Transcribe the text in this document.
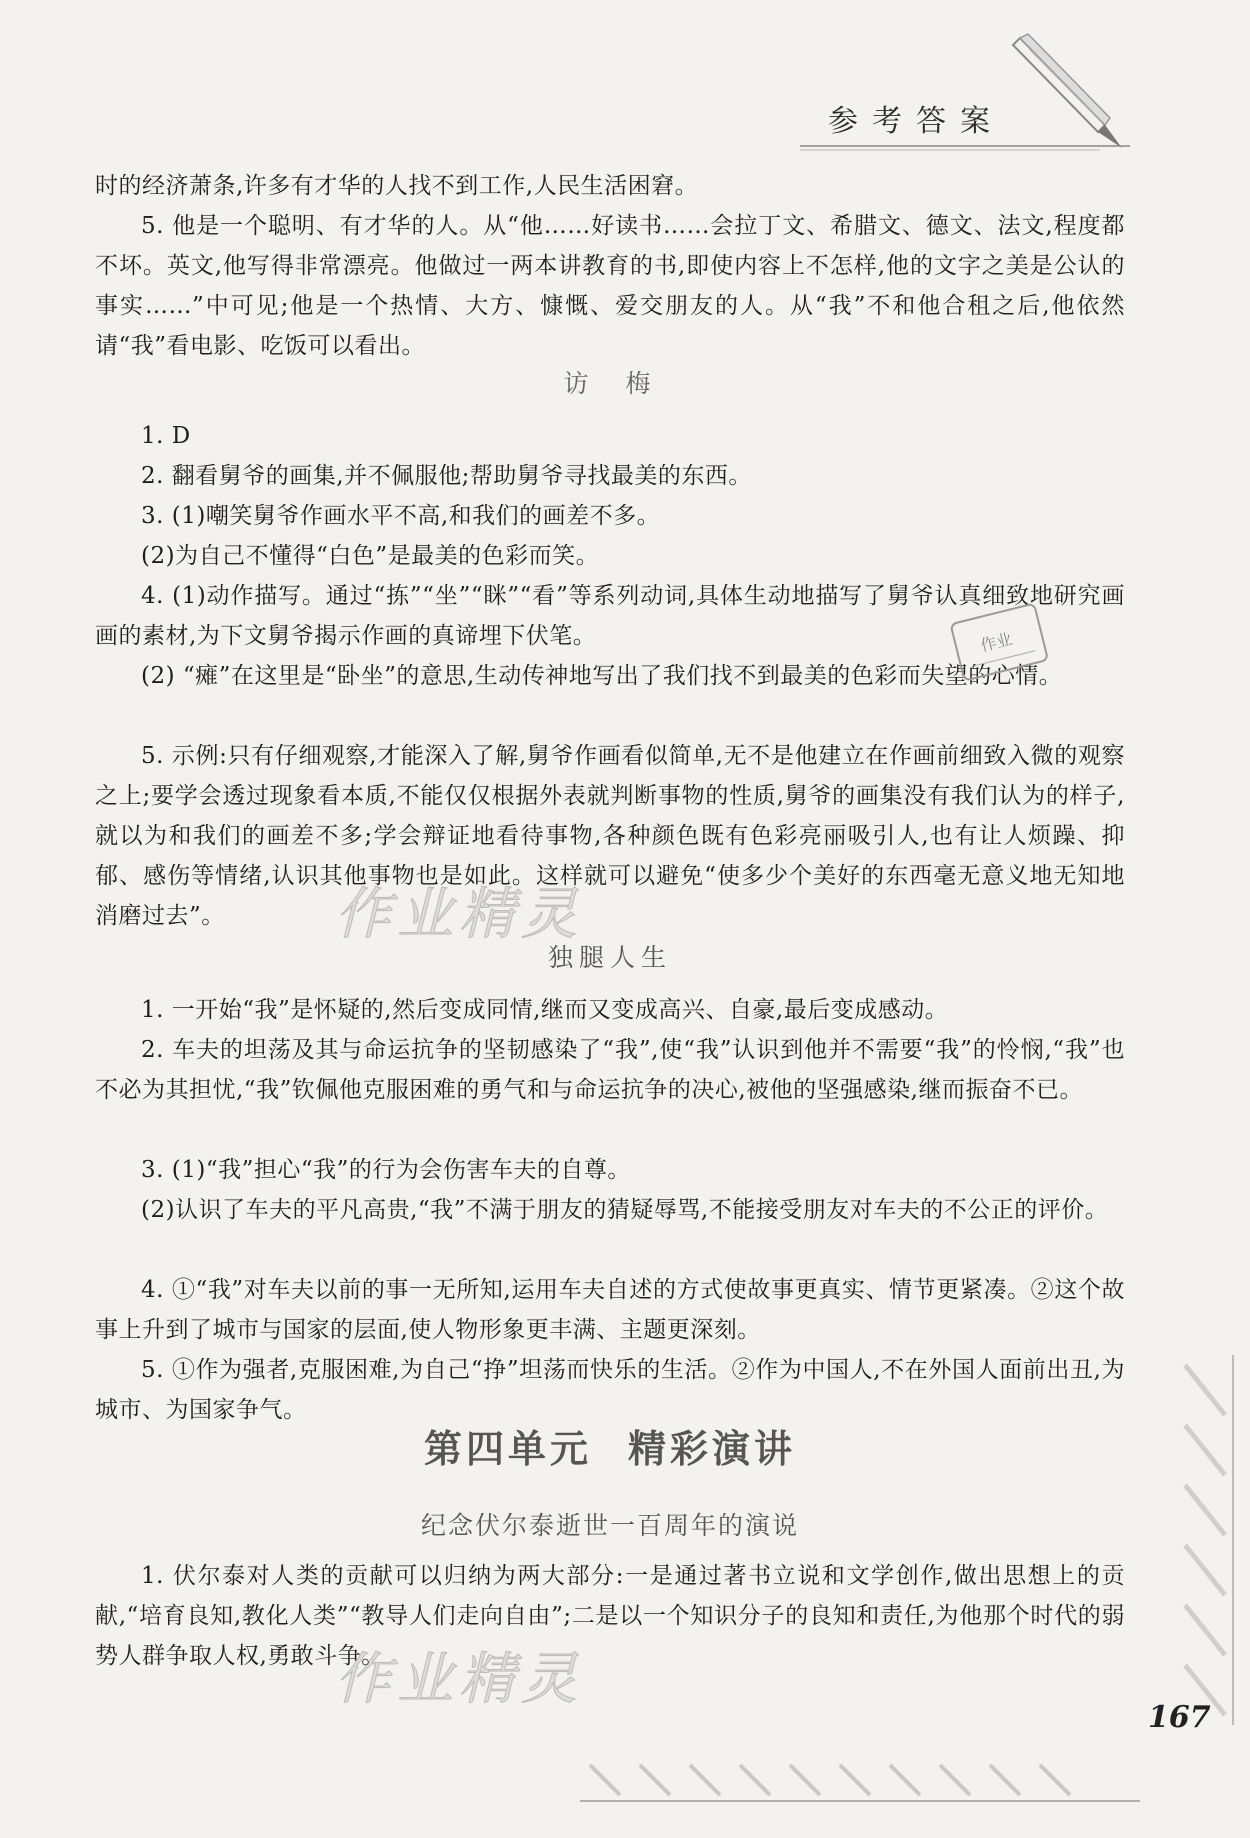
参考答案

时的经济萧条,许多有才华的人找不到工作,人民生活困窘。

5. 他是一个聪明、有才华的人。从“他……好读书……会拉丁文、希腊文、德文、法文,程度都不坏。英文,他写得非常漂亮。他做过一两本讲教育的书,即使内容上不怎样,他的文字之美是公认的事实……”中可见;他是一个热情、大方、慷慨、爱交朋友的人。从“我”不和他合租之后,他依然请“我”看电影、吃饭可以看出。

访　梅

1. D

2. 翻看舅爷的画集,并不佩服他;帮助舅爷寻找最美的东西。

3. (1)嘲笑舅爷作画水平不高,和我们的画差不多。

(2)为自己不懂得“白色”是最美的色彩而笑。

4. (1)动作描写。通过“拣”“坐”“眯”“看”等系列动词,具体生动地描写了舅爷认真细致地研究画画的素材,为下文舅爷揭示作画的真谛埋下伏笔。

(2) “瘫”在这里是“卧坐”的意思,生动传神地写出了我们找不到最美的色彩而失望的心情。

5. 示例:只有仔细观察,才能深入了解,舅爷作画看似简单,无不是他建立在作画前细致入微的观察之上;要学会透过现象看本质,不能仅仅根据外表就判断事物的性质,舅爷的画集没有我们认为的样子,就以为和我们的画差不多;学会辩证地看待事物,各种颜色既有色彩亮丽吸引人,也有让人烦躁、抑郁、感伤等情绪,认识其他事物也是如此。这样就可以避免“使多少个美好的东西毫无意义地无知地消磨过去”。

独腿人生

1. 一开始“我”是怀疑的,然后变成同情,继而又变成高兴、自豪,最后变成感动。

2. 车夫的坦荡及其与命运抗争的坚韧感染了“我”,使“我”认识到他并不需要“我”的怜悯,“我”也不必为其担忧,“我”钦佩他克服困难的勇气和与命运抗争的决心,被他的坚强感染,继而振奋不已。

3. (1)“我”担心“我”的行为会伤害车夫的自尊。

(2)认识了车夫的平凡高贵,“我”不满于朋友的猜疑辱骂,不能接受朋友对车夫的不公正的评价。

4. ①“我”对车夫以前的事一无所知,运用车夫自述的方式使故事更真实、情节更紧凑。②这个故事上升到了城市与国家的层面,使人物形象更丰满、主题更深刻。

5. ①作为强者,克服困难,为自己“挣”坦荡而快乐的生活。②作为中国人,不在外国人面前出丑,为城市、为国家争气。

第四单元 精彩演讲
纪念伏尔泰逝世一百周年的演说

1. 伏尔泰对人类的贡献可以归纳为两大部分:一是通过著书立说和文学创作,做出思想上的贡献,“培育良知,教化人类”“教导人们走向自由”;二是以一个知识分子的良知和责任,为他那个时代的弱势人群争取人权,勇敢斗争。

作业精灵
作业精灵
作业
167
